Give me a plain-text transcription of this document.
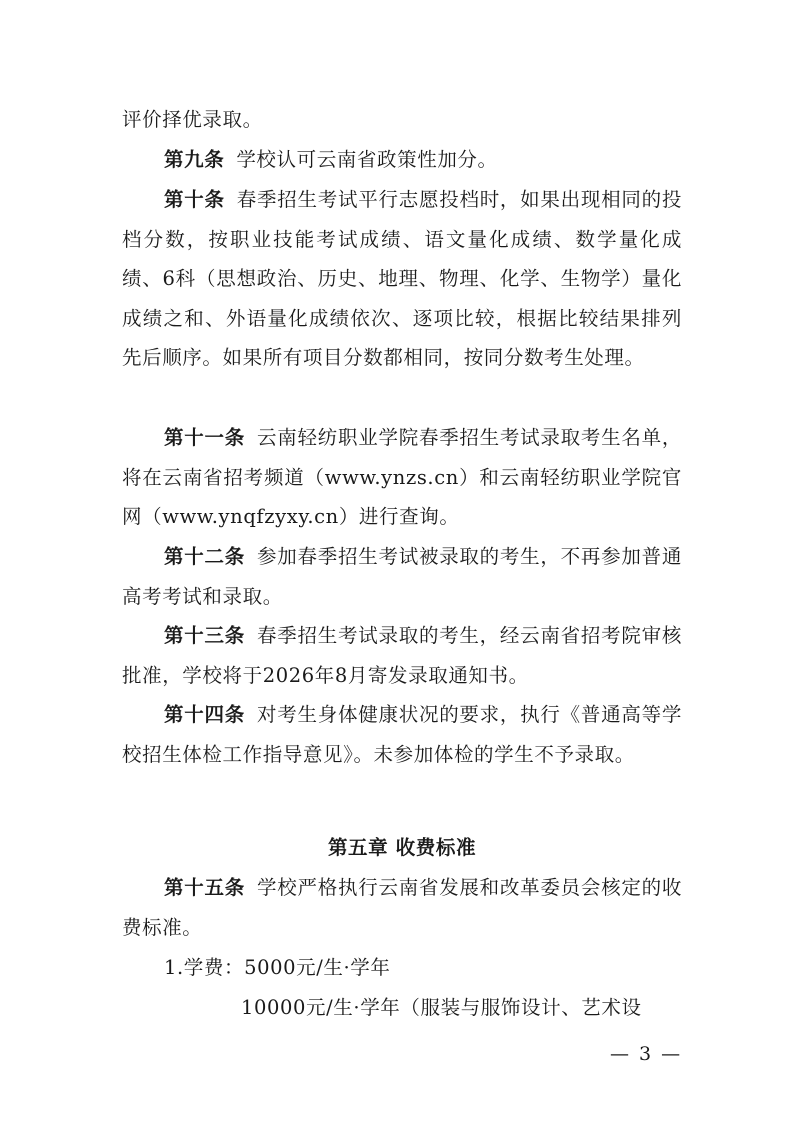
评价择优录取。

第九条 学校认可云南省政策性加分。

第十条 春季招生考试平行志愿投档时，如果出现相同的投档分数，按职业技能考试成绩、语文量化成绩、数学量化成绩、6科（思想政治、历史、地理、物理、化学、生物学）量化成绩之和、外语量化成绩依次、逐项比较，根据比较结果排列先后顺序。如果所有项目分数都相同，按同分数考生处理。

第十一条 云南轻纺职业学院春季招生考试录取考生名单，将在云南省招考频道（www.ynzs.cn）和云南轻纺职业学院官网（www.ynqfzyxy.cn）进行查询。

第十二条 参加春季招生考试被录取的考生，不再参加普通高考考试和录取。

第十三条 春季招生考试录取的考生，经云南省招考院审核批准，学校将于2026年8月寄发录取通知书。

第十四条 对考生身体健康状况的要求，执行《普通高等学校招生体检工作指导意见》。未参加体检的学生不予录取。

第五章 收费标准

第十五条 学校严格执行云南省发展和改革委员会核定的收费标准。

1.学费：5000元/生·学年
10000元/生·学年（服装与服饰设计、艺术设
— 3 —
